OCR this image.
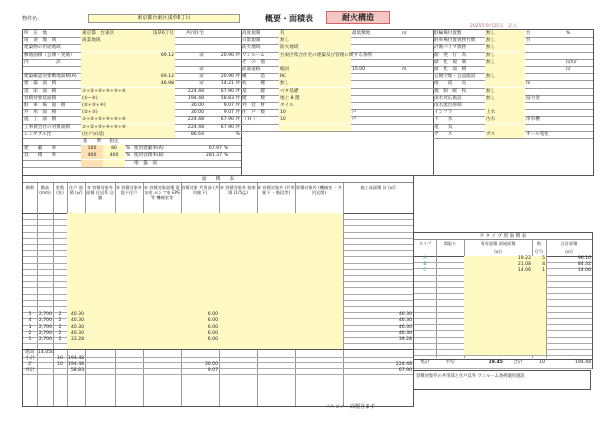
物件名：	東京都台東区浅草6丁目	概要・面積表	耐火構造
2025年9月25日　記入
所　在　地	東京都　台東区	浅草6丁目	共同住宅
用　途　地　域	商業地域
建築物の用途地域
敷地面積（公簿・実測）	69.12	㎡	20.90 坪
内　　　　　　訳
㎡
建築確認対象敷地面積(A)	69.12	㎡	20.90 坪
建　築　面　積	46.98	㎡	14.21 坪
延　床　面　積	①+②+③+④+⑤+⑥	224.48	67.90 坪
容積対象延面積	(①−⑥)	194.48	58.83 坪
駐　車　場　面　積	(②+③+④)	30.00	9.07 坪
共　用　面　積	(②+⑤)	30.00	9.07 坪
施　工　面　積	①+②+③+④+⑤+⑥	224.48	67.90 坪
工事費会社の対象面積	①+②+③+④+⑤+⑥	224.48	67.90 坪
レンタブル比	(住戸)/(延)	86.64	%
基　　準	指定
建　　蔽　　率	100	80	% 使用建蔽率(A)	67.97 %
容　　積　　率	400	400	% 使用容積率(B)	281.37 %
地　盤　面
高度規制	有	最低敷地	㎡
日影規制	無し
防火地域	防火地域
ワンルーム	台東区集合住宅の建築及び管理に関する条例
そ　の　他
前面道路	幅員	15.00	m
構　　　造	RC
杭　　　種	無し
基　　　礎	ベタ基礎
階　　　数	地上 8 階
外　装　材	タイル
住　戸　数	10	戸
（ H ）	10	戸

駐輪場付置数	無し	台	%
駐車場付置義務台数	無し	台
計画パイプ義務	無し
開　発　行　為	無し
緑　化　規　制	無し	㎡/㎡
緑　化　面　積	㎡
公開空地・公益施設	無し
接　　道　　長	m
規　制　緩　和	無し
雨水対応施設	無し	協力金
雨水流出抑制
インフラ	上水
下　　水	汚水	浄水槽
電　　気
ガ　　ス	ガス	オール電化
面　　積　　表
階数	階高(mm)
室数(室)
住戸 面積 (㎡)
③ 容積対象外面積 住居系 店舗
③ 容積対象外 地下住戸
⑤ 容積対象面積 電気室 ポンプ室 EPS等 機械室等
容積対象 共用部 (共用廊下)
⑥ 容積対象外 駐車場 (1/5迄)
⑥ 容積対象外 (共用廊下 ・階段等)
容積対象外 (機械室 ・共用玄関)
施工床面積 計 (㎡)
5	2,700	2	40.30	6.00	46.30
4	2,700	2	40.30	6.00	46.30
3	2,700	2	40.30	6.00	46.30
2	2,700	2	40.30	6.00	46.30
1	2,700	2	33.28	6.00	39.28
階高 14,050
小計	10	194.48
計	10	194.48	30.00	224.48
坪計	58.83	9.07	67.90
⑦ タ イ プ 別 面 積 表
タイプ	間取り	専有面積 部屋面積
(㎡)
数
(戸)
合計面積
(㎡)
A	19.22	5	96.10
B	21.08	4	84.32
C	14.06	1	14.06
集計	平均	19.45	合計	10	194.48
容積対象外の共用部と住戸以外 ワンルーム条例適用施設
バルコニー面積含まず
